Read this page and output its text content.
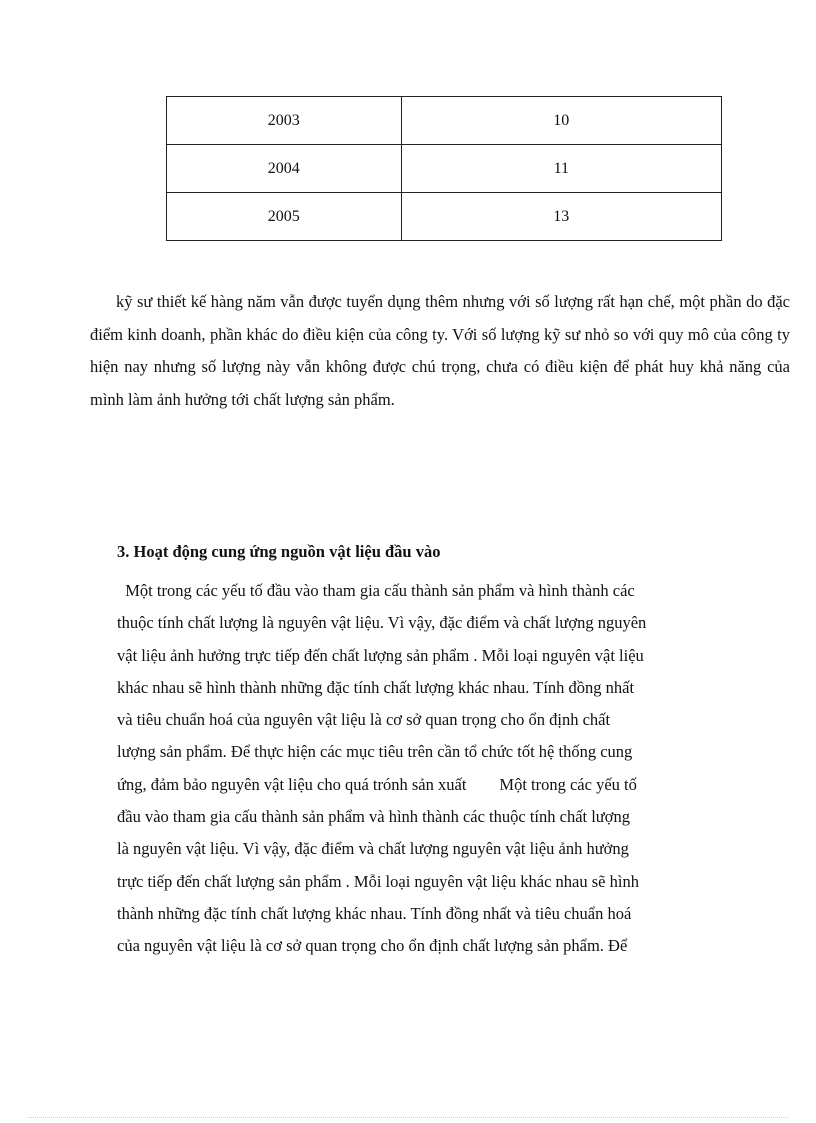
2003	10
2004	11
2005	13

kỹ sư thiết kế hàng năm vẫn được tuyển dụng thêm nhưng với số lượng rất hạn chế, một phần do đặc điểm kinh doanh, phần khác do điều kiện của công ty. Với số lượng kỹ sư nhỏ so với quy mô của công ty hiện nay nhưng số lượng này vẫn không được chú trọng, chưa có điều kiện để phát huy khả năng của mình làm ảnh hưởng tới chất lượng sản phẩm.

3. Hoạt động cung ứng nguồn vật liệu đầu vào
Một trong các yếu tố đầu vào tham gia cấu thành sản phẩm và hình thành các
thuộc tính chất lượng là nguyên vật liệu. Vì vậy, đặc điểm và chất lượng nguyên
vật liệu ảnh hưởng trực tiếp đến chất lượng sản phẩm . Mỗi loại nguyên vật liệu
khác nhau sẽ hình thành những đặc tính chất lượng khác nhau. Tính đồng nhất
và tiêu chuẩn hoá của nguyên vật liệu là cơ sở quan trọng cho ổn định chất
lượng sản phẩm. Để thực hiện các mục tiêu trên cần tổ chức tốt hệ thống cung
ứng, đảm bảo nguyên vật liệu cho quá trónh sản xuất        Một trong các yếu tố
đầu vào tham gia cấu thành sản phẩm và hình thành các thuộc tính chất lượng
là nguyên vật liệu. Vì vậy, đặc điểm và chất lượng nguyên vật liệu ảnh hưởng
trực tiếp đến chất lượng sản phẩm . Mỗi loại nguyên vật liệu khác nhau sẽ hình
thành những đặc tính chất lượng khác nhau. Tính đồng nhất và tiêu chuẩn hoá
của nguyên vật liệu là cơ sở quan trọng cho ổn định chất lượng sản phẩm. Để
